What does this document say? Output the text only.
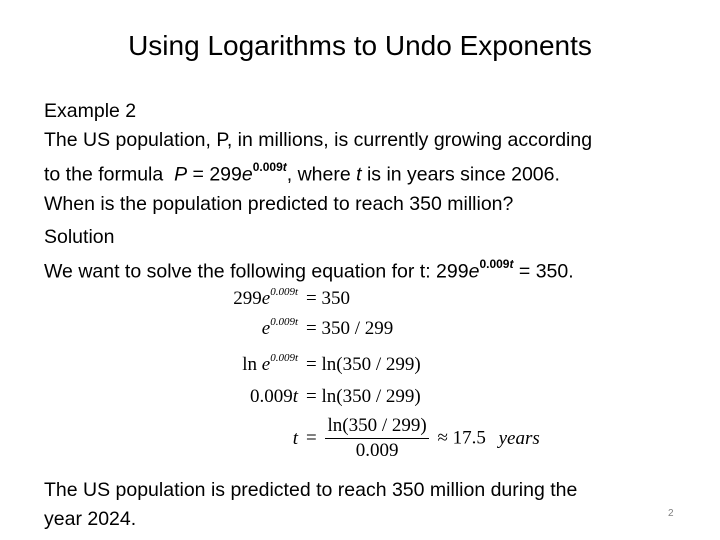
Using Logarithms to Undo Exponents

Example 2

The US population, P, in millions, is currently growing according

to the formula $P = 299e^{0.009t}$, where t is in years since 2006.

When is the population predicted to reach 350 million?

Solution

We want to solve the following equation for t: $299e^{0.009t} = 350$.

$299e^{0.009t} = 350$
$e^{0.009t} = 350 / 299$
$\ln e^{0.009t} = \ln(350 / 299)$
0.009t = ln(350 / 299)
$t = \frac{\ln(350 / 299)}{0.009} \approx 17.5$ years

The US population is predicted to reach 350 million during the

year 2024.	2
